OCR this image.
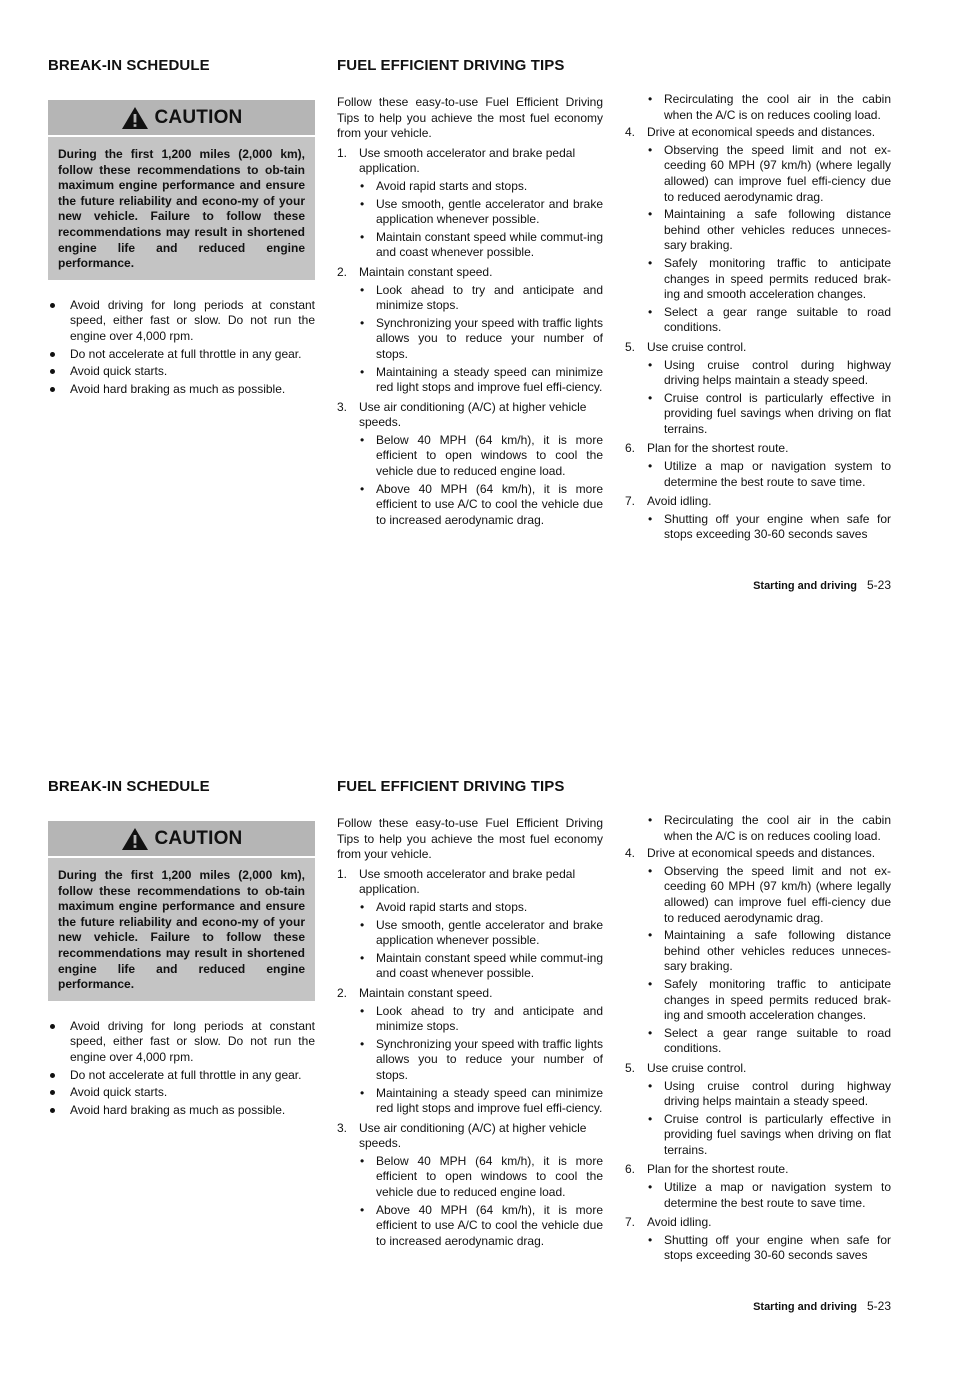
BREAK-IN SCHEDULE
CAUTION
During the first 1,200 miles (2,000 km), follow these recommendations to ob-tain maximum engine performance and ensure the future reliability and econo-my of your new vehicle. Failure to follow these recommendations may result in shortened engine life and reduced engine performance.
Avoid driving for long periods at constant speed, either fast or slow. Do not run the engine over 4,000 rpm.
Do not accelerate at full throttle in any gear.
Avoid quick starts.
Avoid hard braking as much as possible.
FUEL EFFICIENT DRIVING TIPS

Follow these easy-to-use Fuel Efficient Driving Tips to help you achieve the most fuel economy from your vehicle.

1. Use smooth accelerator and brake pedal application.
• Avoid rapid starts and stops.
• Use smooth, gentle accelerator and brake application whenever possible.
• Maintain constant speed while commut-ing and coast whenever possible.
2. Maintain constant speed.
• Look ahead to try and anticipate and minimize stops.
• Synchronizing your speed with traffic lights allows you to reduce your number of stops.
• Maintaining a steady speed can minimize red light stops and improve fuel effi-ciency.
3. Use air conditioning (A/C) at higher vehicle speeds.
• Below 40 MPH (64 km/h), it is more efficient to open windows to cool the vehicle due to reduced engine load.
• Above 40 MPH (64 km/h), it is more efficient to use A/C to cool the vehicle due to increased aerodynamic drag.
• Recirculating the cool air in the cabin when the A/C is on reduces cooling load.
4. Drive at economical speeds and distances.
• Observing the speed limit and not ex-ceeding 60 MPH (97 km/h) (where legally allowed) can improve fuel effi-ciency due to reduced aerodynamic drag.
• Maintaining a safe following distance behind other vehicles reduces unneces-sary braking.
• Safely monitoring traffic to anticipate changes in speed permits reduced brak-ing and smooth acceleration changes.
• Select a gear range suitable to road conditions.
5. Use cruise control.
• Using cruise control during highway driving helps maintain a steady speed.
• Cruise control is particularly effective in providing fuel savings when driving on flat terrains.
6. Plan for the shortest route.
• Utilize a map or navigation system to determine the best route to save time.
7. Avoid idling.
• Shutting off your engine when safe for stops exceeding 30-60 seconds saves
Starting and driving 5-23
BREAK-IN SCHEDULE
CAUTION
During the first 1,200 miles (2,000 km), follow these recommendations to ob-tain maximum engine performance and ensure the future reliability and econo-my of your new vehicle. Failure to follow these recommendations may result in shortened engine life and reduced engine performance.
Avoid driving for long periods at constant speed, either fast or slow. Do not run the engine over 4,000 rpm.
Do not accelerate at full throttle in any gear.
Avoid quick starts.
Avoid hard braking as much as possible.
FUEL EFFICIENT DRIVING TIPS

Follow these easy-to-use Fuel Efficient Driving Tips to help you achieve the most fuel economy from your vehicle.

1. Use smooth accelerator and brake pedal application.
• Avoid rapid starts and stops.
• Use smooth, gentle accelerator and brake application whenever possible.
• Maintain constant speed while commut-ing and coast whenever possible.
2. Maintain constant speed.
• Look ahead to try and anticipate and minimize stops.
• Synchronizing your speed with traffic lights allows you to reduce your number of stops.
• Maintaining a steady speed can minimize red light stops and improve fuel effi-ciency.
3. Use air conditioning (A/C) at higher vehicle speeds.
• Below 40 MPH (64 km/h), it is more efficient to open windows to cool the vehicle due to reduced engine load.
• Above 40 MPH (64 km/h), it is more efficient to use A/C to cool the vehicle due to increased aerodynamic drag.
• Recirculating the cool air in the cabin when the A/C is on reduces cooling load.
4. Drive at economical speeds and distances.
• Observing the speed limit and not ex-ceeding 60 MPH (97 km/h) (where legally allowed) can improve fuel effi-ciency due to reduced aerodynamic drag.
• Maintaining a safe following distance behind other vehicles reduces unneces-sary braking.
• Safely monitoring traffic to anticipate changes in speed permits reduced brak-ing and smooth acceleration changes.
• Select a gear range suitable to road conditions.
5. Use cruise control.
• Using cruise control during highway driving helps maintain a steady speed.
• Cruise control is particularly effective in providing fuel savings when driving on flat terrains.
6. Plan for the shortest route.
• Utilize a map or navigation system to determine the best route to save time.
7. Avoid idling.
• Shutting off your engine when safe for stops exceeding 30-60 seconds saves
Starting and driving 5-23
